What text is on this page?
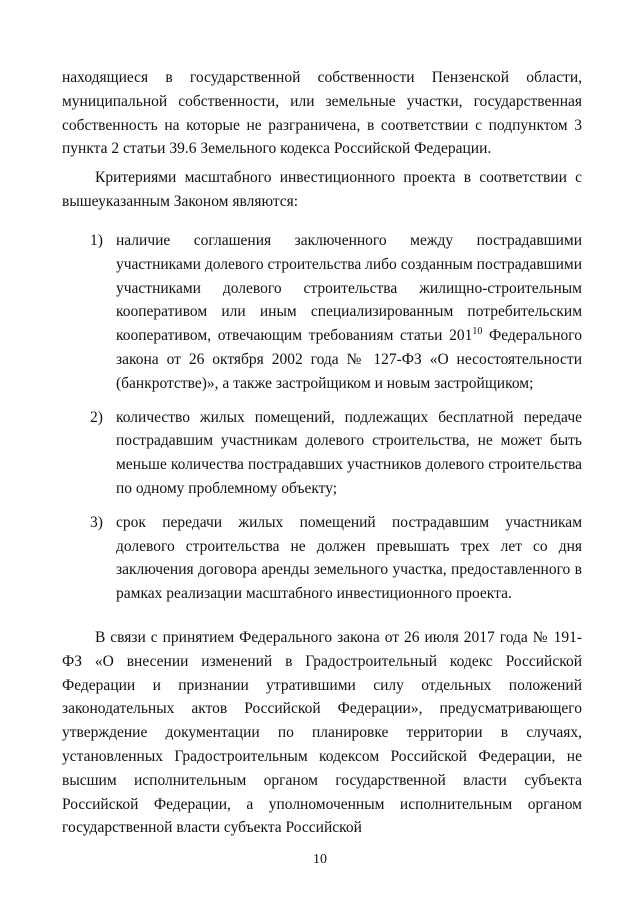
находящиеся в государственной собственности Пензенской области, муниципальной собственности, или земельные участки, государственная собственность на которые не разграничена, в соответствии с подпунктом 3 пункта 2 статьи 39.6 Земельного кодекса Российской Федерации.

Критериями масштабного инвестиционного проекта в соответствии с вышеуказанным Законом являются:

1) наличие соглашения заключенного между пострадавшими участниками долевого строительства либо созданным пострадавшими участниками долевого строительства жилищно-строительным кооперативом или иным специализированным потребительским кооперативом, отвечающим требованиям статьи $201^{10}$ Федерального закона от 26 октября 2002 года № 127-ФЗ «О несостоятельности (банкротстве)», а также застройщиком и новым застройщиком;
2) количество жилых помещений, подлежащих бесплатной передаче пострадавшим участникам долевого строительства, не может быть меньше количества пострадавших участников долевого строительства по одному проблемному объекту;
3) срок передачи жилых помещений пострадавшим участникам долевого строительства не должен превышать трех лет со дня заключения договора аренды земельного участка, предоставленного в рамках реализации масштабного инвестиционного проекта.

В связи с принятием Федерального закона от 26 июля 2017 года № 191-ФЗ «О внесении изменений в Градостроительный кодекс Российской Федерации и признании утратившими силу отдельных положений законодательных актов Российской Федерации», предусматривающего утверждение документации по планировке территории в случаях, установленных Градостроительным кодексом Российской Федерации, не высшим исполнительным органом государственной власти субъекта Российской Федерации, а уполномоченным исполнительным органом государственной власти субъекта Российской

10
